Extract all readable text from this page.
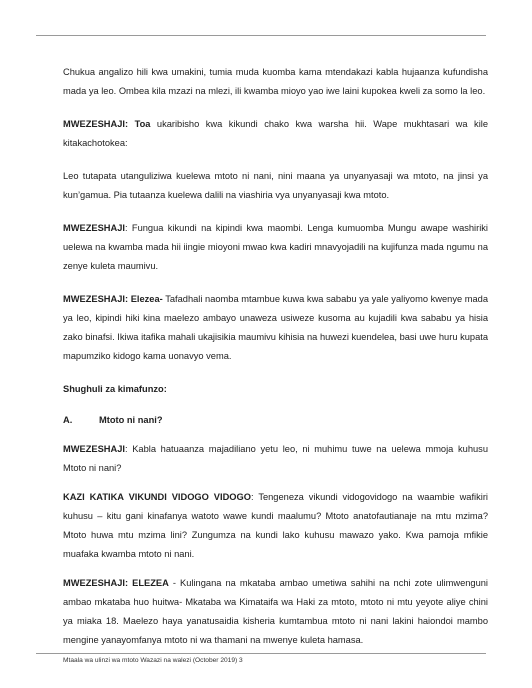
Chukua angalizo hili kwa umakini, tumia muda kuomba kama mtendakazi kabla hujaanza kufundisha mada ya leo. Ombea kila mzazi na mlezi, ili kwamba mioyo yao iwe laini kupokea kweli za somo la leo.

MWEZESHAJI: Toa ukaribisho kwa kikundi chako kwa warsha hii. Wape mukhtasari wa kile kitakachotokea:

Leo tutapata utanguliziwa kuelewa mtoto ni nani, nini maana ya unyanyasaji wa mtoto, na jinsi ya kun’gamua. Pia tutaanza kuelewa dalili na viashiria vya unyanyasaji kwa mtoto.

MWEZESHAJI: Fungua kikundi na kipindi kwa maombi. Lenga kumuomba Mungu awape washiriki uelewa na kwamba mada hii iingie mioyoni mwao kwa kadiri mnavyojadili na kujifunza mada ngumu na zenye kuleta maumivu.

MWEZESHAJI: Elezea- Tafadhali naomba mtambue kuwa kwa sababu ya yale yaliyomo kwenye mada ya leo, kipindi hiki kina maelezo ambayo unaweza usiweze kusoma au kujadili kwa sababu ya hisia zako binafsi. Ikiwa itafika mahali ukajisikia maumivu kihisia na huwezi kuendelea, basi uwe huru kupata mapumziko kidogo kama uonavyo vema.

Shughuli za kimafunzo:
A.	Mtoto ni nani?

MWEZESHAJI: Kabla hatuaanza majadiliano yetu leo, ni muhimu tuwe na uelewa mmoja kuhusu Mtoto ni nani?

KAZI KATIKA VIKUNDI VIDOGO VIDOGO: Tengeneza vikundi vidogovidogo na waambie wafikiri kuhusu – kitu gani kinafanya watoto wawe kundi maalumu? Mtoto anatofautianaje na mtu mzima? Mtoto huwa mtu mzima lini? Zungumza na kundi lako kuhusu mawazo yako. Kwa pamoja mfikie muafaka kwamba mtoto ni nani.

MWEZESHAJI: ELEZEA - Kulingana na mkataba ambao umetiwa sahihi na nchi zote ulimwenguni ambao mkataba huo huitwa- Mkataba wa Kimataifa wa Haki za mtoto, mtoto ni mtu yeyote aliye chini ya miaka 18. Maelezo haya yanatusaidia kisheria kumtambua mtoto ni nani lakini haiondoi mambo mengine yanayomfanya mtoto ni wa thamani na mwenye kuleta hamasa.

Mtaala wa ulinzi wa mtoto Wazazi na walezi (October 2019) 3
